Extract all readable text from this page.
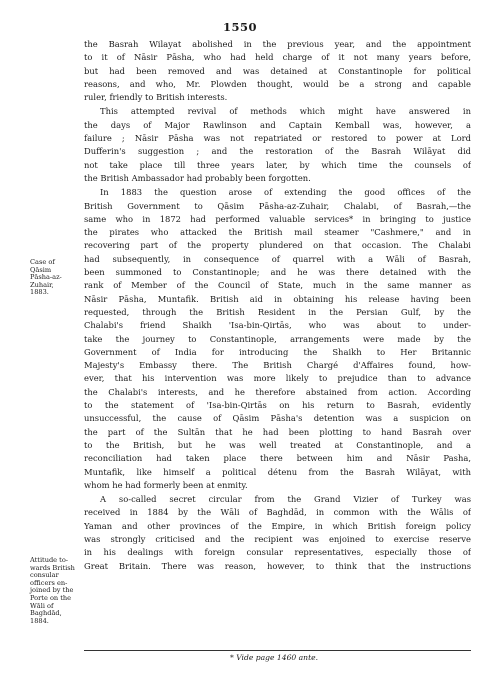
1550
the Basrah Wilayat abolished in the previous year, and the appointment
to it of Nāsir Pāsha, who had held charge of it not many years before,
but had been removed and was detained at Constantinople for political
reasons, and who, Mr. Plowden thought, would be a strong and capable
ruler, friendly to British interests.
This attempted revival of methods which might have answered in
the days of Major Rawlinson and Captain Kemball was, however, a
failure ; Nāsir Pāsha was not repatriated or restored to power at Lord
Dufferin's suggestion ; and the restoration of the Basrah Wilāyat did
not take place till three years later, by which time the counsels of
the British Ambassador had probably been forgotten.
In 1883 the question arose of extending the good offices of the
British Government to Qāsim Pāsha-az-Zuhair, Chalabi, of Basrah,—the
same who in 1872 had performed valuable services* in bringing to justice
the pirates who attacked the British mail steamer "Cashmere," and in
recovering part of the property plundered on that occasion. The Chalabi
had subsequently, in consequence of quarrel with a Wāli of Basrah,
been summoned to Constantinople; and he was there detained with the
rank of Member of the Council of State, much in the same manner as
Nāsir Pāsha, Muntafik. British aid in obtaining his release having been
requested, through the British Resident in the Persian Gulf, by the
Chalabi's friend Shaikh 'Isa-bin-Qirtās, who was about to under-
take the journey to Constantinople, arrangements were made by the
Government of India for introducing the Shaikh to Her Britannic
Majesty's Embassy there. The British Chargé d'Affaires found, how-
ever, that his intervention was more likely to prejudice than to advance
the Chalabi's interests, and he therefore abstained from action. According
to the statement of 'Isa-bin-Qirtās on his return to Basrah, evidently
unsuccessful, the cause of Qāsim Pāsha's detention was a suspicion on
the part of the Sultān that he had been plotting to hand Basrah over
to the British, but he was well treated at Constantinople, and a
reconciliation had taken place there between him and Nāsir Pasha,
Muntafik, like himself a political détenu from the Basrah Wilāyat, with
whom he had formerly been at enmity.
A so-called secret circular from the Grand Vizier of Turkey was
received in 1884 by the Wāli of Baghdād, in common with the Wālis of
Yaman and other provinces of the Empire, in which British foreign policy
was strongly criticised and the recipient was enjoined to exercise reserve
in his dealings with foreign consular representatives, especially those of
Great Britain. There was reason, however, to think that the instructions
Case of
Qāsim
Pāsha-az-
Zuhair,
1883.
Attitude to-
wards British
consular
officers en-
joined by the
Porte on the
Wāli of
Baghdād,
1884.
* Vide page 1460 ante.
